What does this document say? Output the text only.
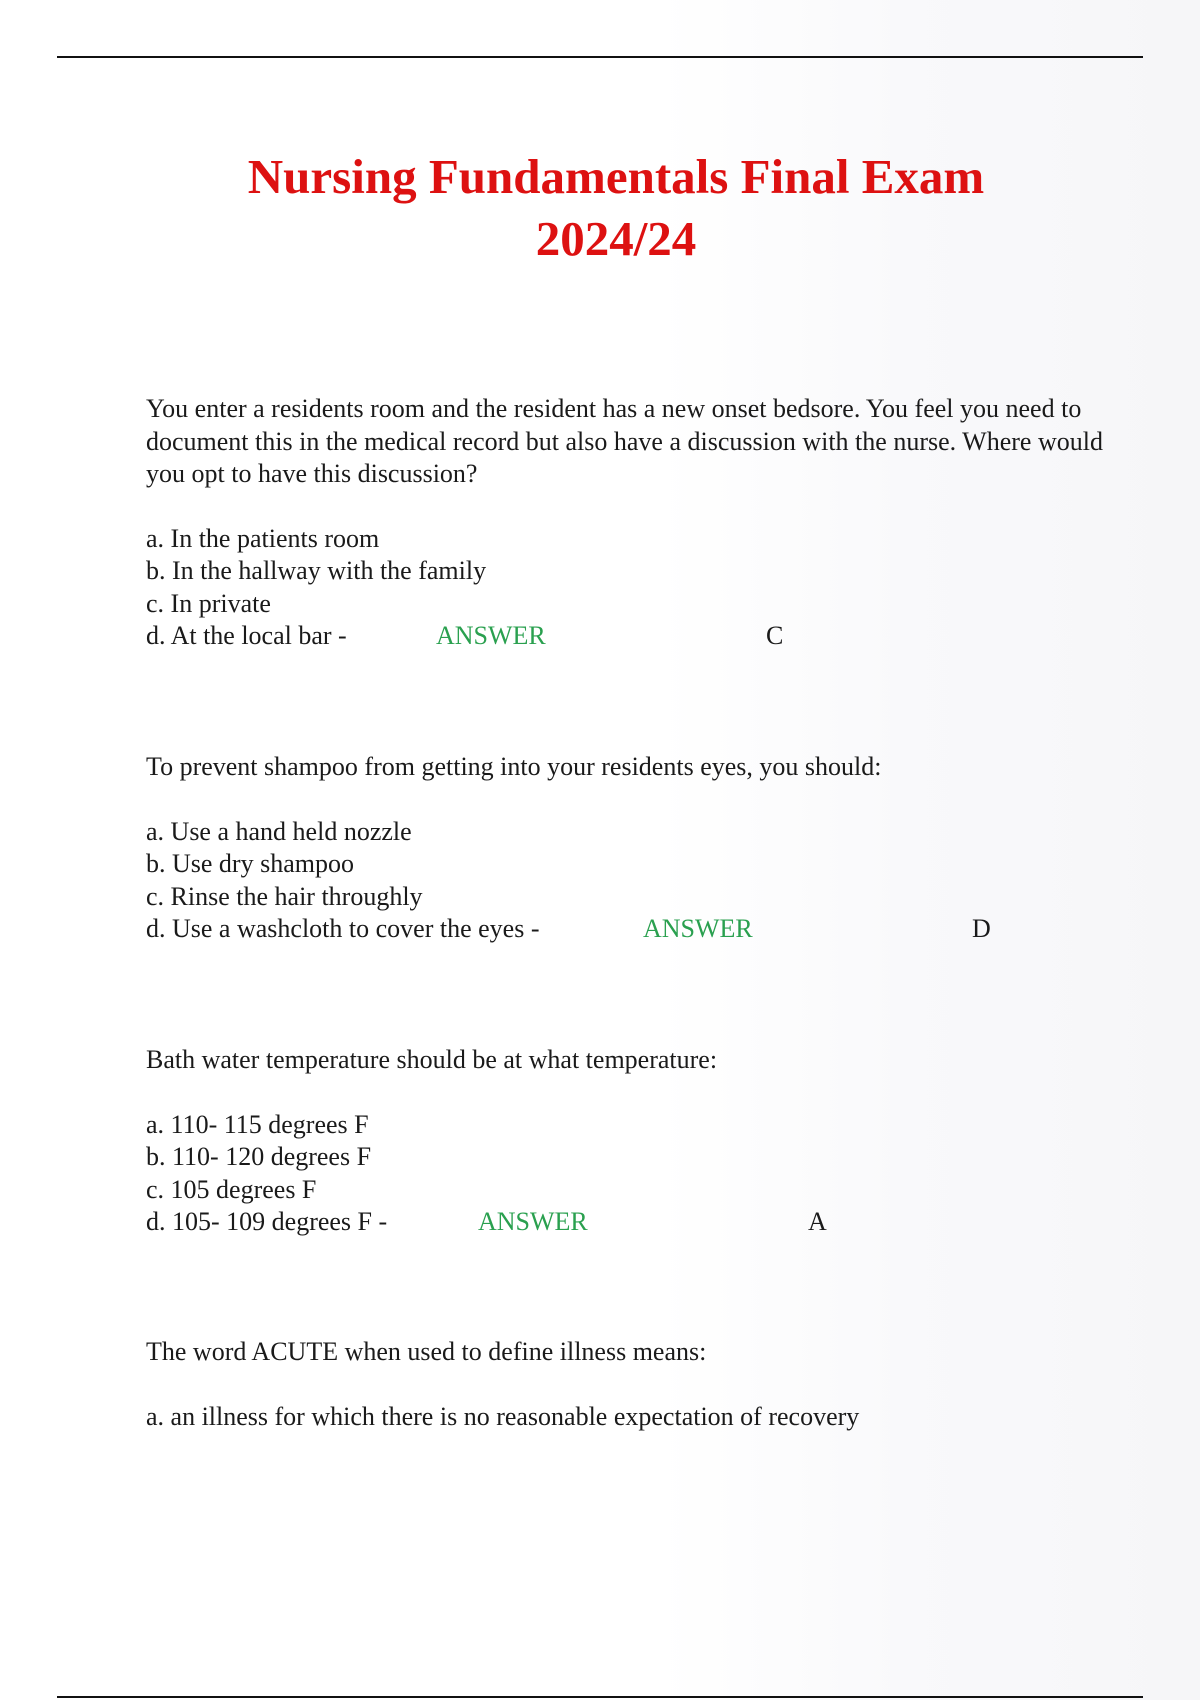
Nursing Fundamentals Final Exam
2024/24

You enter a residents room and the resident has a new onset bedsore. You feel you need to document this in the medical record but also have a discussion with the nurse. Where would you opt to have this discussion?

a. In the patients room
b. In the hallway with the family
c. In private
d. At the local bar -	ANSWER	C

To prevent shampoo from getting into your residents eyes, you should:

a. Use a hand held nozzle
b. Use dry shampoo
c. Rinse the hair throughly
d. Use a washcloth to cover the eyes -	ANSWER	D

Bath water temperature should be at what temperature:

a. 110- 115 degrees F
b. 110- 120 degrees F
c. 105 degrees F
d. 105- 109 degrees F -	ANSWER	A

The word ACUTE when used to define illness means:

a. an illness for which there is no reasonable expectation of recovery
